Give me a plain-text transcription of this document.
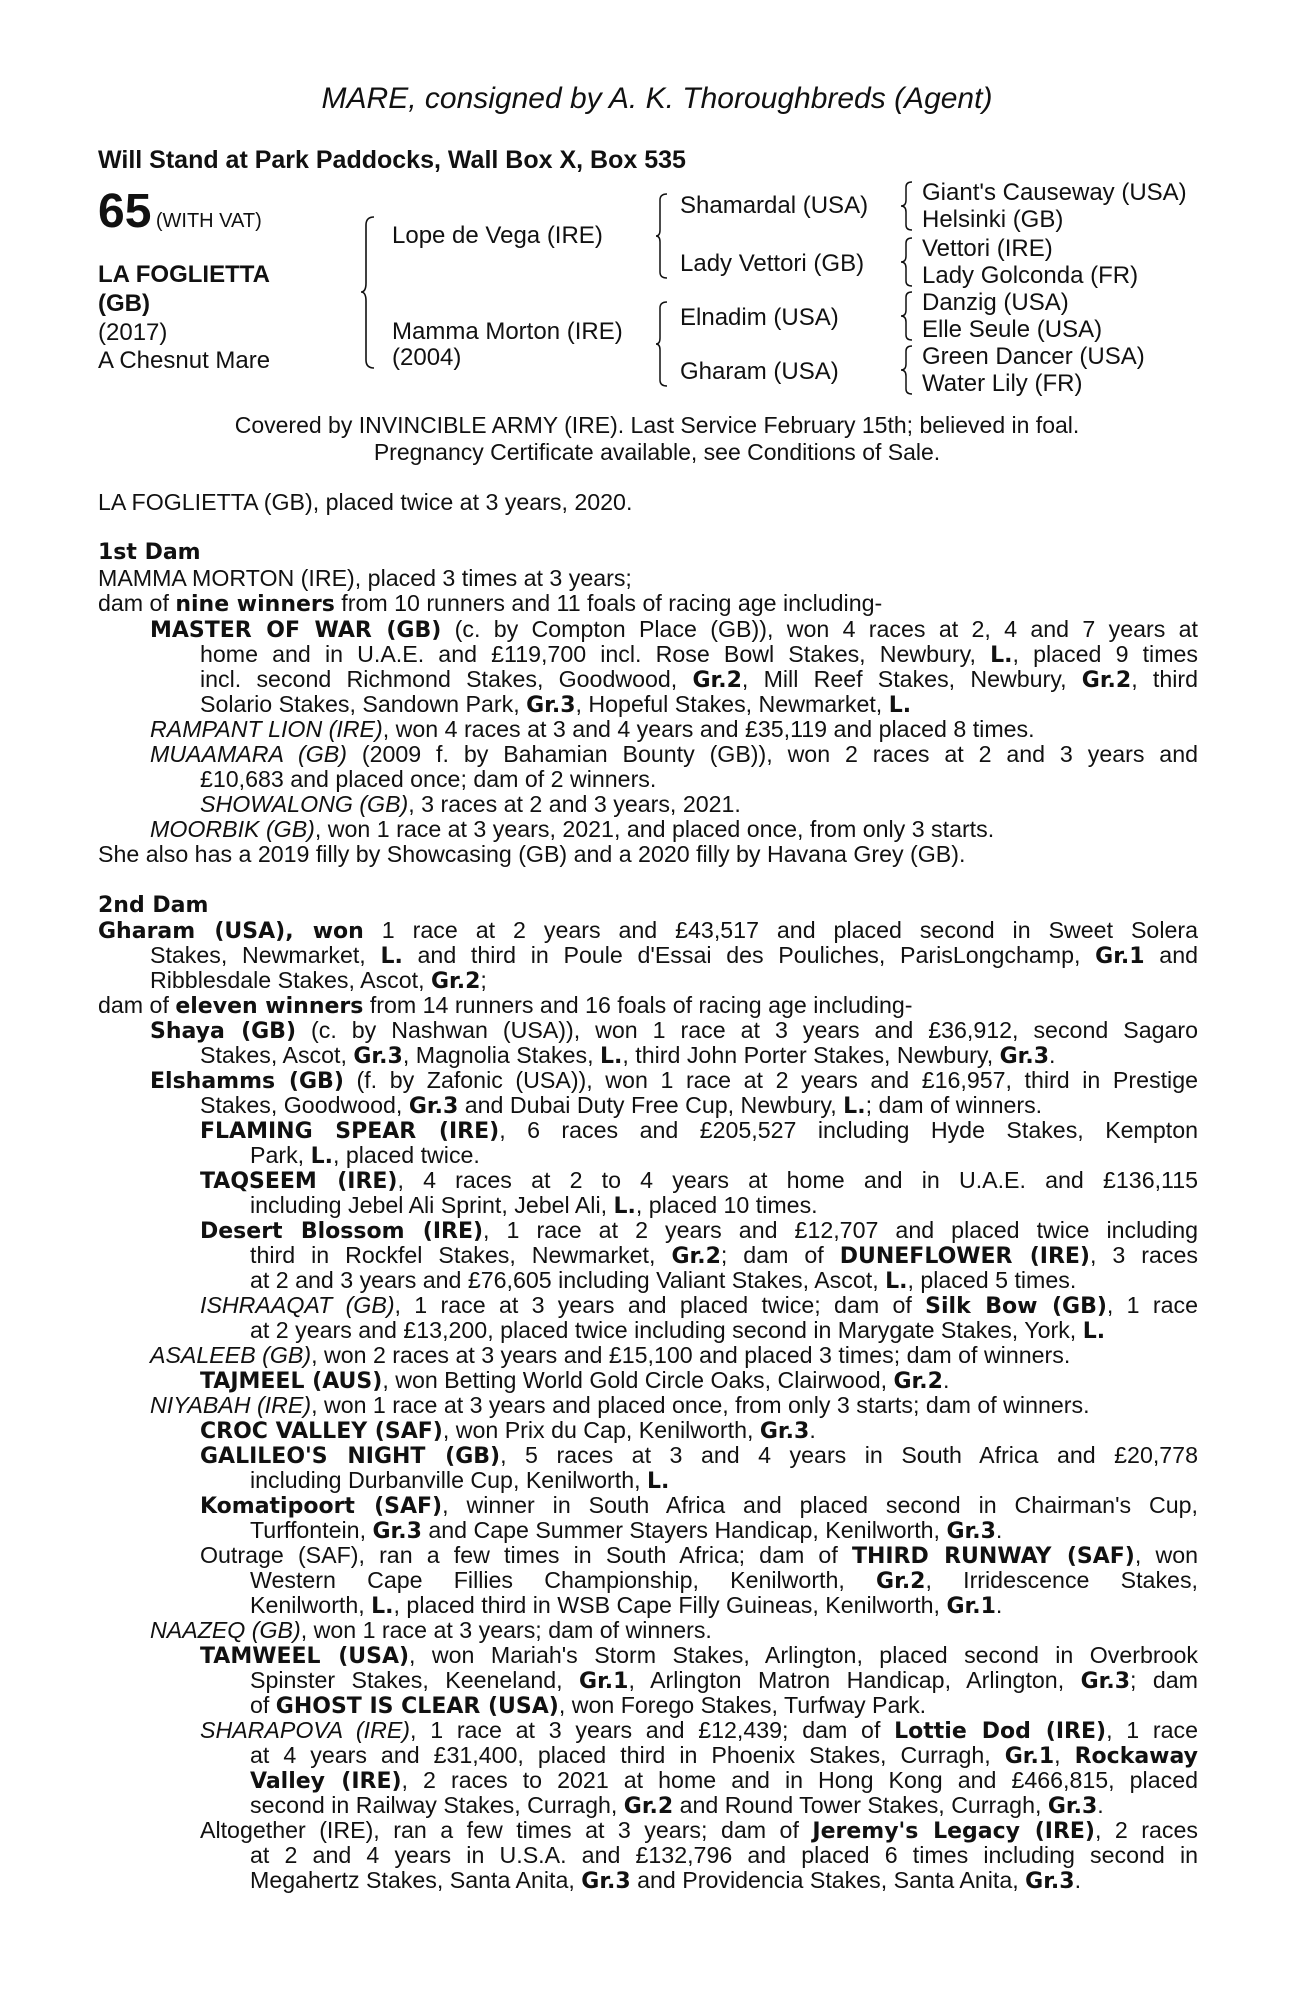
MARE, consigned by A. K. Thoroughbreds (Agent)
Will Stand at Park Paddocks, Wall Box X, Box 535
65 (WITH VAT)
LA FOGLIETTA
(GB)
(2017)
A Chesnut Mare
Lope de Vega (IRE)
Mamma Morton (IRE)
(2004)
Shamardal (USA)
Lady Vettori (GB)
Elnadim (USA)
Gharam (USA)
Giant's Causeway (USA)
Helsinki (GB)
Vettori (IRE)
Lady Golconda (FR)
Danzig (USA)
Elle Seule (USA)
Green Dancer (USA)
Water Lily (FR)
Covered by INVINCIBLE ARMY (IRE). Last Service February 15th; believed in foal.
Pregnancy Certificate available, see Conditions of Sale.
LA FOGLIETTA (GB), placed twice at 3 years, 2020.
1st Dam
MAMMA MORTON (IRE), placed 3 times at 3 years;
dam of nine winners from 10 runners and 11 foals of racing age including-
MASTER OF WAR (GB) (c. by Compton Place (GB)), won 4 races at 2, 4 and 7 years at
home and in U.A.E. and £119,700 incl. Rose Bowl Stakes, Newbury, L., placed 9 times
incl. second Richmond Stakes, Goodwood, Gr.2, Mill Reef Stakes, Newbury, Gr.2, third
Solario Stakes, Sandown Park, Gr.3, Hopeful Stakes, Newmarket, L.
RAMPANT LION (IRE), won 4 races at 3 and 4 years and £35,119 and placed 8 times.
MUAAMARA (GB) (2009 f. by Bahamian Bounty (GB)), won 2 races at 2 and 3 years and
£10,683 and placed once; dam of 2 winners.
SHOWALONG (GB), 3 races at 2 and 3 years, 2021.
MOORBIK (GB), won 1 race at 3 years, 2021, and placed once, from only 3 starts.
She also has a 2019 filly by Showcasing (GB) and a 2020 filly by Havana Grey (GB).
2nd Dam
Gharam (USA), won 1 race at 2 years and £43,517 and placed second in Sweet Solera
Stakes, Newmarket, L. and third in Poule d'Essai des Pouliches, ParisLongchamp, Gr.1 and
Ribblesdale Stakes, Ascot, Gr.2;
dam of eleven winners from 14 runners and 16 foals of racing age including-
Shaya (GB) (c. by Nashwan (USA)), won 1 race at 3 years and £36,912, second Sagaro
Stakes, Ascot, Gr.3, Magnolia Stakes, L., third John Porter Stakes, Newbury, Gr.3.
Elshamms (GB) (f. by Zafonic (USA)), won 1 race at 2 years and £16,957, third in Prestige
Stakes, Goodwood, Gr.3 and Dubai Duty Free Cup, Newbury, L.; dam of winners.
FLAMING SPEAR (IRE), 6 races and £205,527 including Hyde Stakes, Kempton
Park, L., placed twice.
TAQSEEM (IRE), 4 races at 2 to 4 years at home and in U.A.E. and £136,115
including Jebel Ali Sprint, Jebel Ali, L., placed 10 times.
Desert Blossom (IRE), 1 race at 2 years and £12,707 and placed twice including
third in Rockfel Stakes, Newmarket, Gr.2; dam of DUNEFLOWER (IRE), 3 races
at 2 and 3 years and £76,605 including Valiant Stakes, Ascot, L., placed 5 times.
ISHRAAQAT (GB), 1 race at 3 years and placed twice; dam of Silk Bow (GB), 1 race
at 2 years and £13,200, placed twice including second in Marygate Stakes, York, L.
ASALEEB (GB), won 2 races at 3 years and £15,100 and placed 3 times; dam of winners.
TAJMEEL (AUS), won Betting World Gold Circle Oaks, Clairwood, Gr.2.
NIYABAH (IRE), won 1 race at 3 years and placed once, from only 3 starts; dam of winners.
CROC VALLEY (SAF), won Prix du Cap, Kenilworth, Gr.3.
GALILEO'S NIGHT (GB), 5 races at 3 and 4 years in South Africa and £20,778
including Durbanville Cup, Kenilworth, L.
Komatipoort (SAF), winner in South Africa and placed second in Chairman's Cup,
Turffontein, Gr.3 and Cape Summer Stayers Handicap, Kenilworth, Gr.3.
Outrage (SAF), ran a few times in South Africa; dam of THIRD RUNWAY (SAF), won
Western Cape Fillies Championship, Kenilworth, Gr.2, Irridescence Stakes,
Kenilworth, L., placed third in WSB Cape Filly Guineas, Kenilworth, Gr.1.
NAAZEQ (GB), won 1 race at 3 years; dam of winners.
TAMWEEL (USA), won Mariah's Storm Stakes, Arlington, placed second in Overbrook
Spinster Stakes, Keeneland, Gr.1, Arlington Matron Handicap, Arlington, Gr.3; dam
of GHOST IS CLEAR (USA), won Forego Stakes, Turfway Park.
SHARAPOVA (IRE), 1 race at 3 years and £12,439; dam of Lottie Dod (IRE), 1 race
at 4 years and £31,400, placed third in Phoenix Stakes, Curragh, Gr.1, Rockaway
Valley (IRE), 2 races to 2021 at home and in Hong Kong and £466,815, placed
second in Railway Stakes, Curragh, Gr.2 and Round Tower Stakes, Curragh, Gr.3.
Altogether (IRE), ran a few times at 3 years; dam of Jeremy's Legacy (IRE), 2 races
at 2 and 4 years in U.S.A. and £132,796 and placed 6 times including second in
Megahertz Stakes, Santa Anita, Gr.3 and Providencia Stakes, Santa Anita, Gr.3.
